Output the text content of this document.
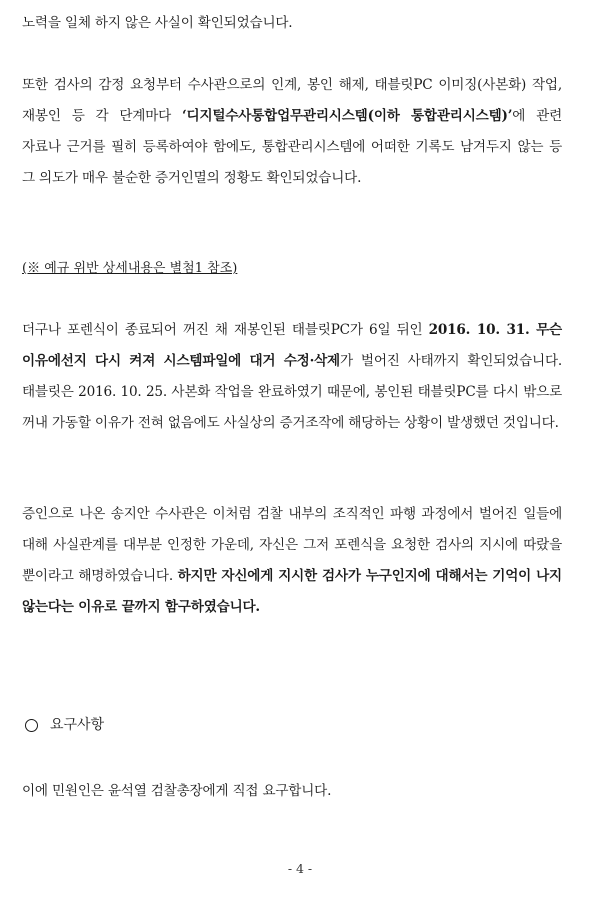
노력을 일체 하지 않은 사실이 확인되었습니다.
또한 검사의 감정 요청부터 수사관으로의 인계, 봉인 해제, 태블릿PC 이미징(사본화) 작업, 재봉인 등 각 단계마다 ‘디지털수사통합업무관리시스템(이하 통합관리시스템)’에 관련 자료나 근거를 필히 등록하여야 함에도, 통합관리시스템에 어떠한 기록도 남겨두지 않는 등 그 의도가 매우 불순한 증거인멸의 정황도 확인되었습니다.
(※ 예규 위반 상세내용은 별첨1 참조)
더구나 포렌식이 종료되어 꺼진 채 재봉인된 태블릿PC가 6일 뒤인 2016. 10. 31. 무슨 이유에선지 다시 켜져 시스템파일에 대거 수정·삭제가 벌어진 사태까지 확인되었습니다. 태블릿은 2016. 10. 25. 사본화 작업을 완료하였기 때문에, 봉인된 태블릿PC를 다시 밖으로 꺼내 가동할 이유가 전혀 없음에도 사실상의 증거조작에 해당하는 상황이 발생했던 것입니다.
증인으로 나온 송지안 수사관은 이처럼 검찰 내부의 조직적인 파행 과정에서 벌어진 일들에 대해 사실관계를 대부분 인정한 가운데, 자신은 그저 포렌식을 요청한 검사의 지시에 따랐을 뿐이라고 해명하였습니다. 하지만 자신에게 지시한 검사가 누구인지에 대해서는 기억이 나지 않는다는 이유로 끝까지 함구하였습니다.
요구사항
이에 민원인은 윤석열 검찰총장에게 직접 요구합니다.
- 4 -
